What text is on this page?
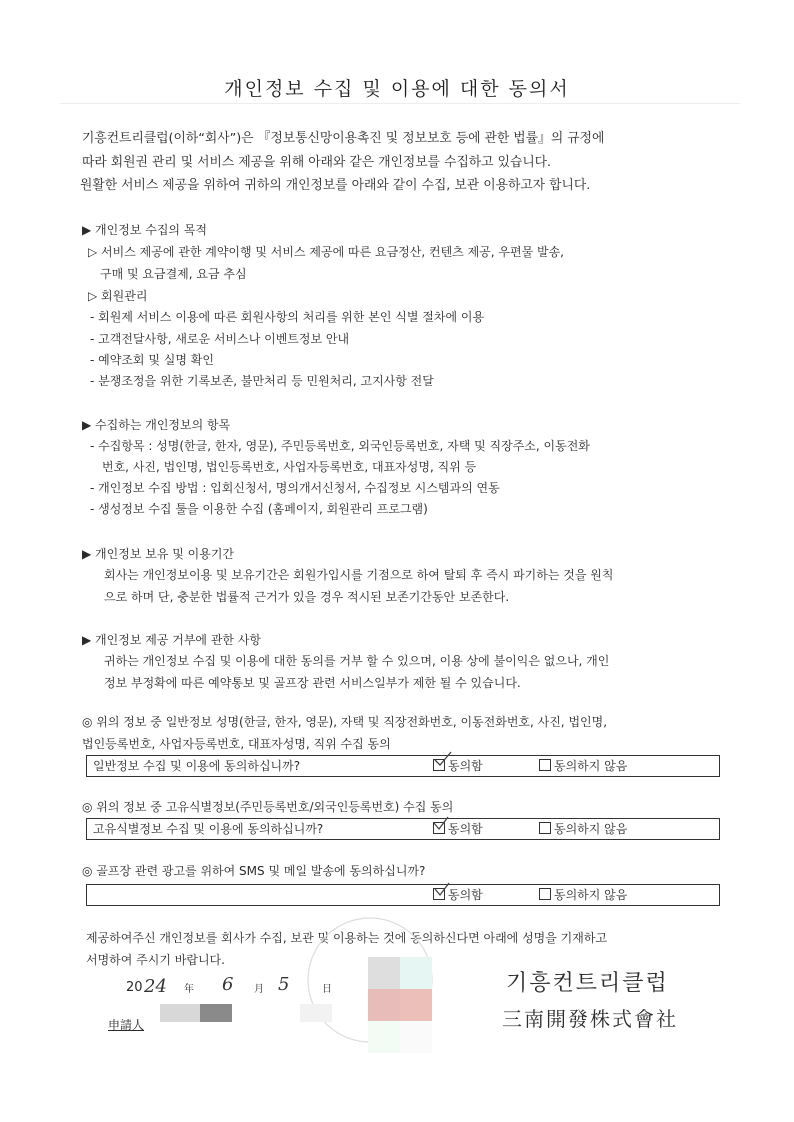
개인정보 수집 및 이용에 대한 동의서
기흥컨트리클럽(이하“회사”)은 『정보통신망이용촉진 및 정보보호 등에 관한 법률』의 규정에
따라 회원권 관리 및 서비스 제공을 위해 아래와 같은 개인정보를 수집하고 있습니다.
원활한 서비스 제공을 위하여 귀하의 개인정보를 아래와 같이 수집, 보관 이용하고자 합니다.
▶ 개인정보 수집의 목적
▷ 서비스 제공에 관한 계약이행 및 서비스 제공에 따른 요금정산, 컨텐츠 제공, 우편물 발송,
구매 및 요금결제, 요금 추심
▷ 회원관리
- 회원제 서비스 이용에 따른 회원사항의 처리를 위한 본인 식별 절차에 이용
- 고객전달사항, 새로운 서비스나 이벤트정보 안내
- 예약조회 및 실명 확인
- 분쟁조정을 위한 기록보존, 불만처리 등 민원처리, 고지사항 전달
▶ 수집하는 개인정보의 항목
- 수집항목 : 성명(한글, 한자, 영문), 주민등록번호, 외국인등록번호, 자택 및 직장주소, 이동전화
번호, 사진, 법인명, 법인등록번호, 사업자등록번호, 대표자성명, 직위 등
- 개인정보 수집 방법 : 입회신청서, 명의개서신청서, 수집정보 시스템과의 연동
- 생성정보 수집 툴을 이용한 수집 (홈페이지, 회원관리 프로그램)
▶ 개인정보 보유 및 이용기간
회사는 개인정보이용 및 보유기간은 회원가입시를 기점으로 하여 탈퇴 후 즉시 파기하는 것을 원칙
으로 하며 단, 충분한 법률적 근거가 있을 경우 적시된 보존기간동안 보존한다.
▶ 개인정보 제공 거부에 관한 사항
귀하는 개인정보 수집 및 이용에 대한 동의를 거부 할 수 있으며, 이용 상에 불이익은 없으나, 개인
정보 부정확에 따른 예약통보 및 골프장 관련 서비스일부가 제한 될 수 있습니다.
◎ 위의 정보 중 일반정보 성명(한글, 한자, 영문), 자택 및 직장전화번호, 이동전화번호, 사진, 법인명,
법인등록번호, 사업자등록번호, 대표자성명, 직위 수집 동의
일반정보 수집 및 이용에 동의하십니까?	동의함	동의하지 않음
◎ 위의 정보 중 고유식별정보(주민등록번호/외국인등록번호) 수집 동의
고유식별정보 수집 및 이용에 동의하십니까?	동의함	동의하지 않음
◎ 골프장 관련 광고를 위하여 SMS 및 메일 발송에 동의하십니까?
동의함	동의하지 않음
제공하여주신 개인정보를 회사가 수집, 보관 및 이용하는 것에 동의하신다면 아래에 성명을 기재하고
서명하여 주시기 바랍니다.
20 24 年 6 月 5	日
申請人
기흥컨트리클럽
三南開發株式會社
